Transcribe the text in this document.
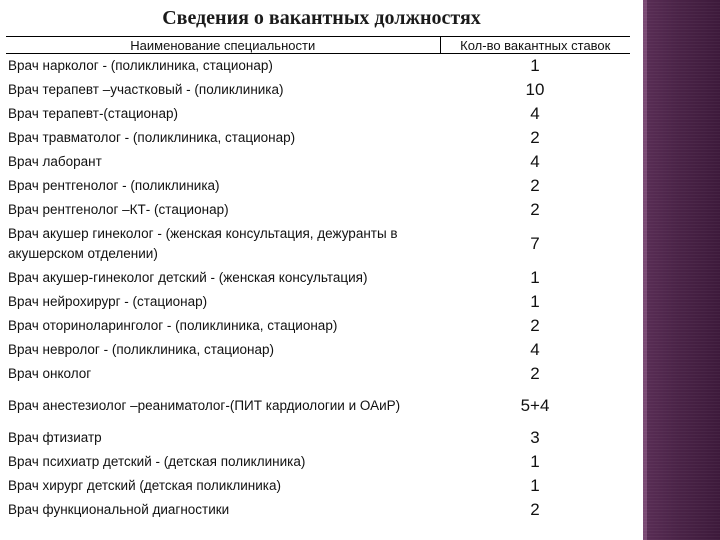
Сведения о вакантных должностях
Наименование специальности	Кол-во вакантных ставок
Врач нарколог - (поликлиника, стационар)	1
Врач терапевт –участковый - (поликлиника)	10
Врач терапевт-(стационар)	4
Врач травматолог - (поликлиника, стационар)	2
Врач лаборант	4
Врач рентгенолог - (поликлиника)	2
Врач рентгенолог –КТ- (стационар)	2
Врач акушер гинеколог - (женская консультация, дежуранты в акушерском отделении)	7
Врач акушер-гинеколог детский - (женская консультация)	1
Врач нейрохирург - (стационар)	1
Врач оториноларинголог - (поликлиника, стационар)	2
Врач невролог - (поликлиника, стационар)	4
Врач онколог	2
Врач анестезиолог –реаниматолог-(ПИТ кардиологии и ОАиР)	5+4
Врач фтизиатр	3
Врач психиатр детский - (детская поликлиника)	1
Врач хирург детский (детская поликлиника)	1
Врач функциональной диагностики	2
